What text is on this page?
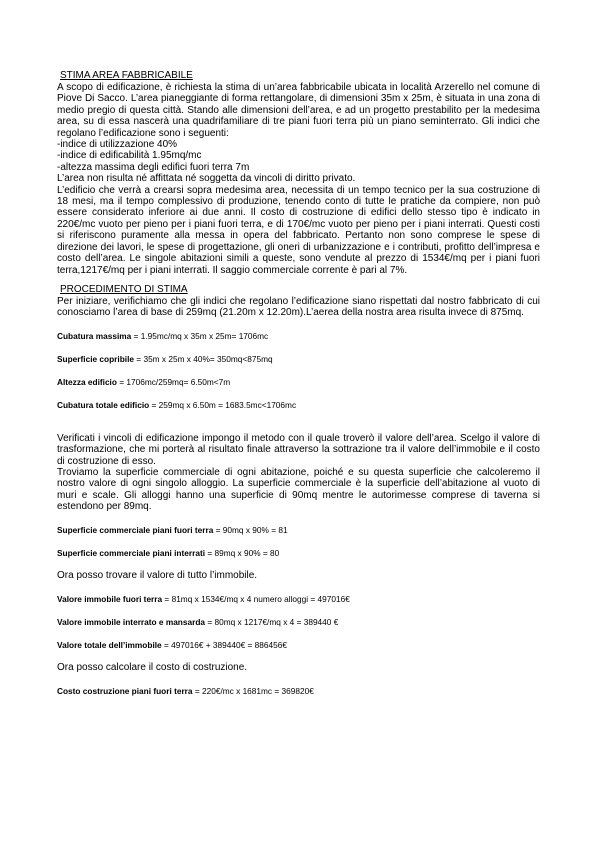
STIMA AREA FABBRICABILE

A scopo di edificazione, è richiesta la stima di un’area fabbricabile ubicata in località Arzerello nel comune di Piove Di Sacco. L’area pianeggiante di forma rettangolare, di dimensioni 35m x 25m, è situata in una zona di medio pregio di questa città. Stando alle dimensioni dell’area, e ad un progetto prestabilito per la medesima area, su di essa nascerà una quadrifamiliare di tre piani fuori terra più un piano seminterrato. Gli indici che regolano l’edificazione sono i seguenti:

-indice di utilizzazione 40%

-indice di edificabilità 1.95mq/mc

-altezza massima degli edifici fuori terra 7m

L’area non risulta né affittata né soggetta da vincoli di diritto privato.

L’edificio che verrà a crearsi sopra medesima area, necessita di un tempo tecnico per la sua costruzione di 18 mesi, ma il tempo complessivo di produzione, tenendo conto di tutte le pratiche da compiere, non può essere considerato inferiore ai due anni. Il costo di costruzione di edifici dello stesso tipo è indicato in 220€/mc vuoto per pieno per i piani fuori terra, e di 170€/mc vuoto per pieno per i piani interrati. Questi costi si riferiscono puramente alla messa in opera del fabbricato. Pertanto non sono comprese le spese di direzione dei lavori, le spese di progettazione, gli oneri di urbanizzazione e i contributi, profitto dell’impresa e costo dell’area. Le singole abitazioni simili a queste, sono vendute al prezzo di 1534€/mq per i piani fuori terra,1217€/mq per i piani interrati. Il saggio commerciale corrente è pari al 7%.

PROCEDIMENTO DI STIMA

Per iniziare, verifichiamo che gli indici che regolano l’edificazione siano rispettati dal nostro fabbricato di cui conosciamo l’area di base di 259mq (21.20m x 12.20m).L’aerea della nostra area risulta invece di 875mq.

Cubatura massima = 1.95mc/mq x 35m x 25m= 1706mc

Superficie copribile = 35m x 25m x 40%= 350mq<875mq

Altezza edificio = 1706mc/259mq= 6.50m<7m

Cubatura totale edificio = 259mq x 6.50m = 1683.5mc<1706mc

Verificati i vincoli di edificazione impongo il metodo con il quale troverò il valore dell’area. Scelgo il valore di trasformazione, che mi porterà al risultato finale attraverso la sottrazione tra il valore dell’immobile e il costo di costruzione di esso.

Troviamo la superficie commerciale di ogni abitazione, poiché e su questa superficie che calcoleremo il nostro valore di ogni singolo alloggio. La superficie commerciale è la superficie dell’abitazione al vuoto di muri e scale. Gli alloggi hanno una superficie di 90mq mentre le autorimesse comprese di taverna si estendono per 89mq.

Superficie commerciale piani fuori terra = 90mq x 90% = 81

Superficie commerciale piani interrati = 89mq x 90% = 80

Ora posso trovare il valore di tutto l’immobile.

Valore immobile fuori terra = 81mq x 1534€/mq x 4 numero alloggi = 497016€

Valore immobile interrato e mansarda = 80mq x 1217€/mq x 4 = 389440 €

Valore totale dell’immobile = 497016€ + 389440€ = 886456€

Ora posso calcolare il costo di costruzione.

Costo costruzione piani fuori terra = 220€/mc x 1681mc = 369820€
